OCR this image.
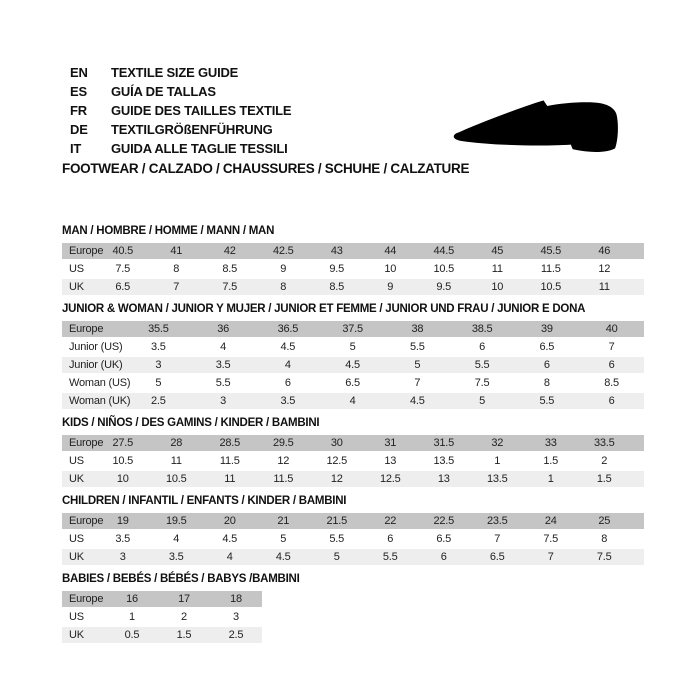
EN	TEXTILE SIZE GUIDE
ES	GUÍA DE TALLAS
FR	GUIDE DES TAILLES TEXTILE
DE	TEXTILGRÖßENFÜHRUNG
IT	GUIDA ALLE TAGLIE TESSILI
FOOTWEAR / CALZADO / CHAUSSURES / SCHUHE / CALZATURE
MAN / HOMBRE / HOMME / MANN / MAN
Europe 40.5	41	42	42.5	43	44	44.5	45	45.5	46
US	7.5	8	8.5	9	9.5	10	10.5	11	11.5	12
UK	6.5	7	7.5	8	8.5	9	9.5	10	10.5	11
JUNIOR & WOMAN / JUNIOR Y MUJER / JUNIOR ET FEMME / JUNIOR UND FRAU / JUNIOR E DONA
Europe	35.5	36	36.5	37.5	38	38.5	39	40
Junior (US)	3.5	4	4.5	5	5.5	6	6.5	7
Junior (UK)	3	3.5	4	4.5	5	5.5	6	6
Woman (US)	5	5.5	6	6.5	7	7.5	8	8.5
Woman (UK)	2.5	3	3.5	4	4.5	5	5.5	6
KIDS / NIÑOS / DES GAMINS / KINDER / BAMBINI
Europe 27.5	28	28.5	29.5	30	31	31.5	32	33	33.5
US	10.5	11	11.5	12	12.5	13	13.5	1	1.5	2
UK	10	10.5	11	11.5	12	12.5	13	13.5	1	1.5
CHILDREN / INFANTIL / ENFANTS / KINDER / BAMBINI
Europe	19	19.5	20	21	21.5	22	22.5	23.5	24	25
US	3.5	4	4.5	5	5.5	6	6.5	7	7.5	8
UK	3	3.5	4	4.5	5	5.5	6	6.5	7	7.5
BABIES / BEBÉS / BÉBÉS / BABYS /BAMBINI
Europe	16	17	18
US	1	2	3
UK	0.5	1.5	2.5
